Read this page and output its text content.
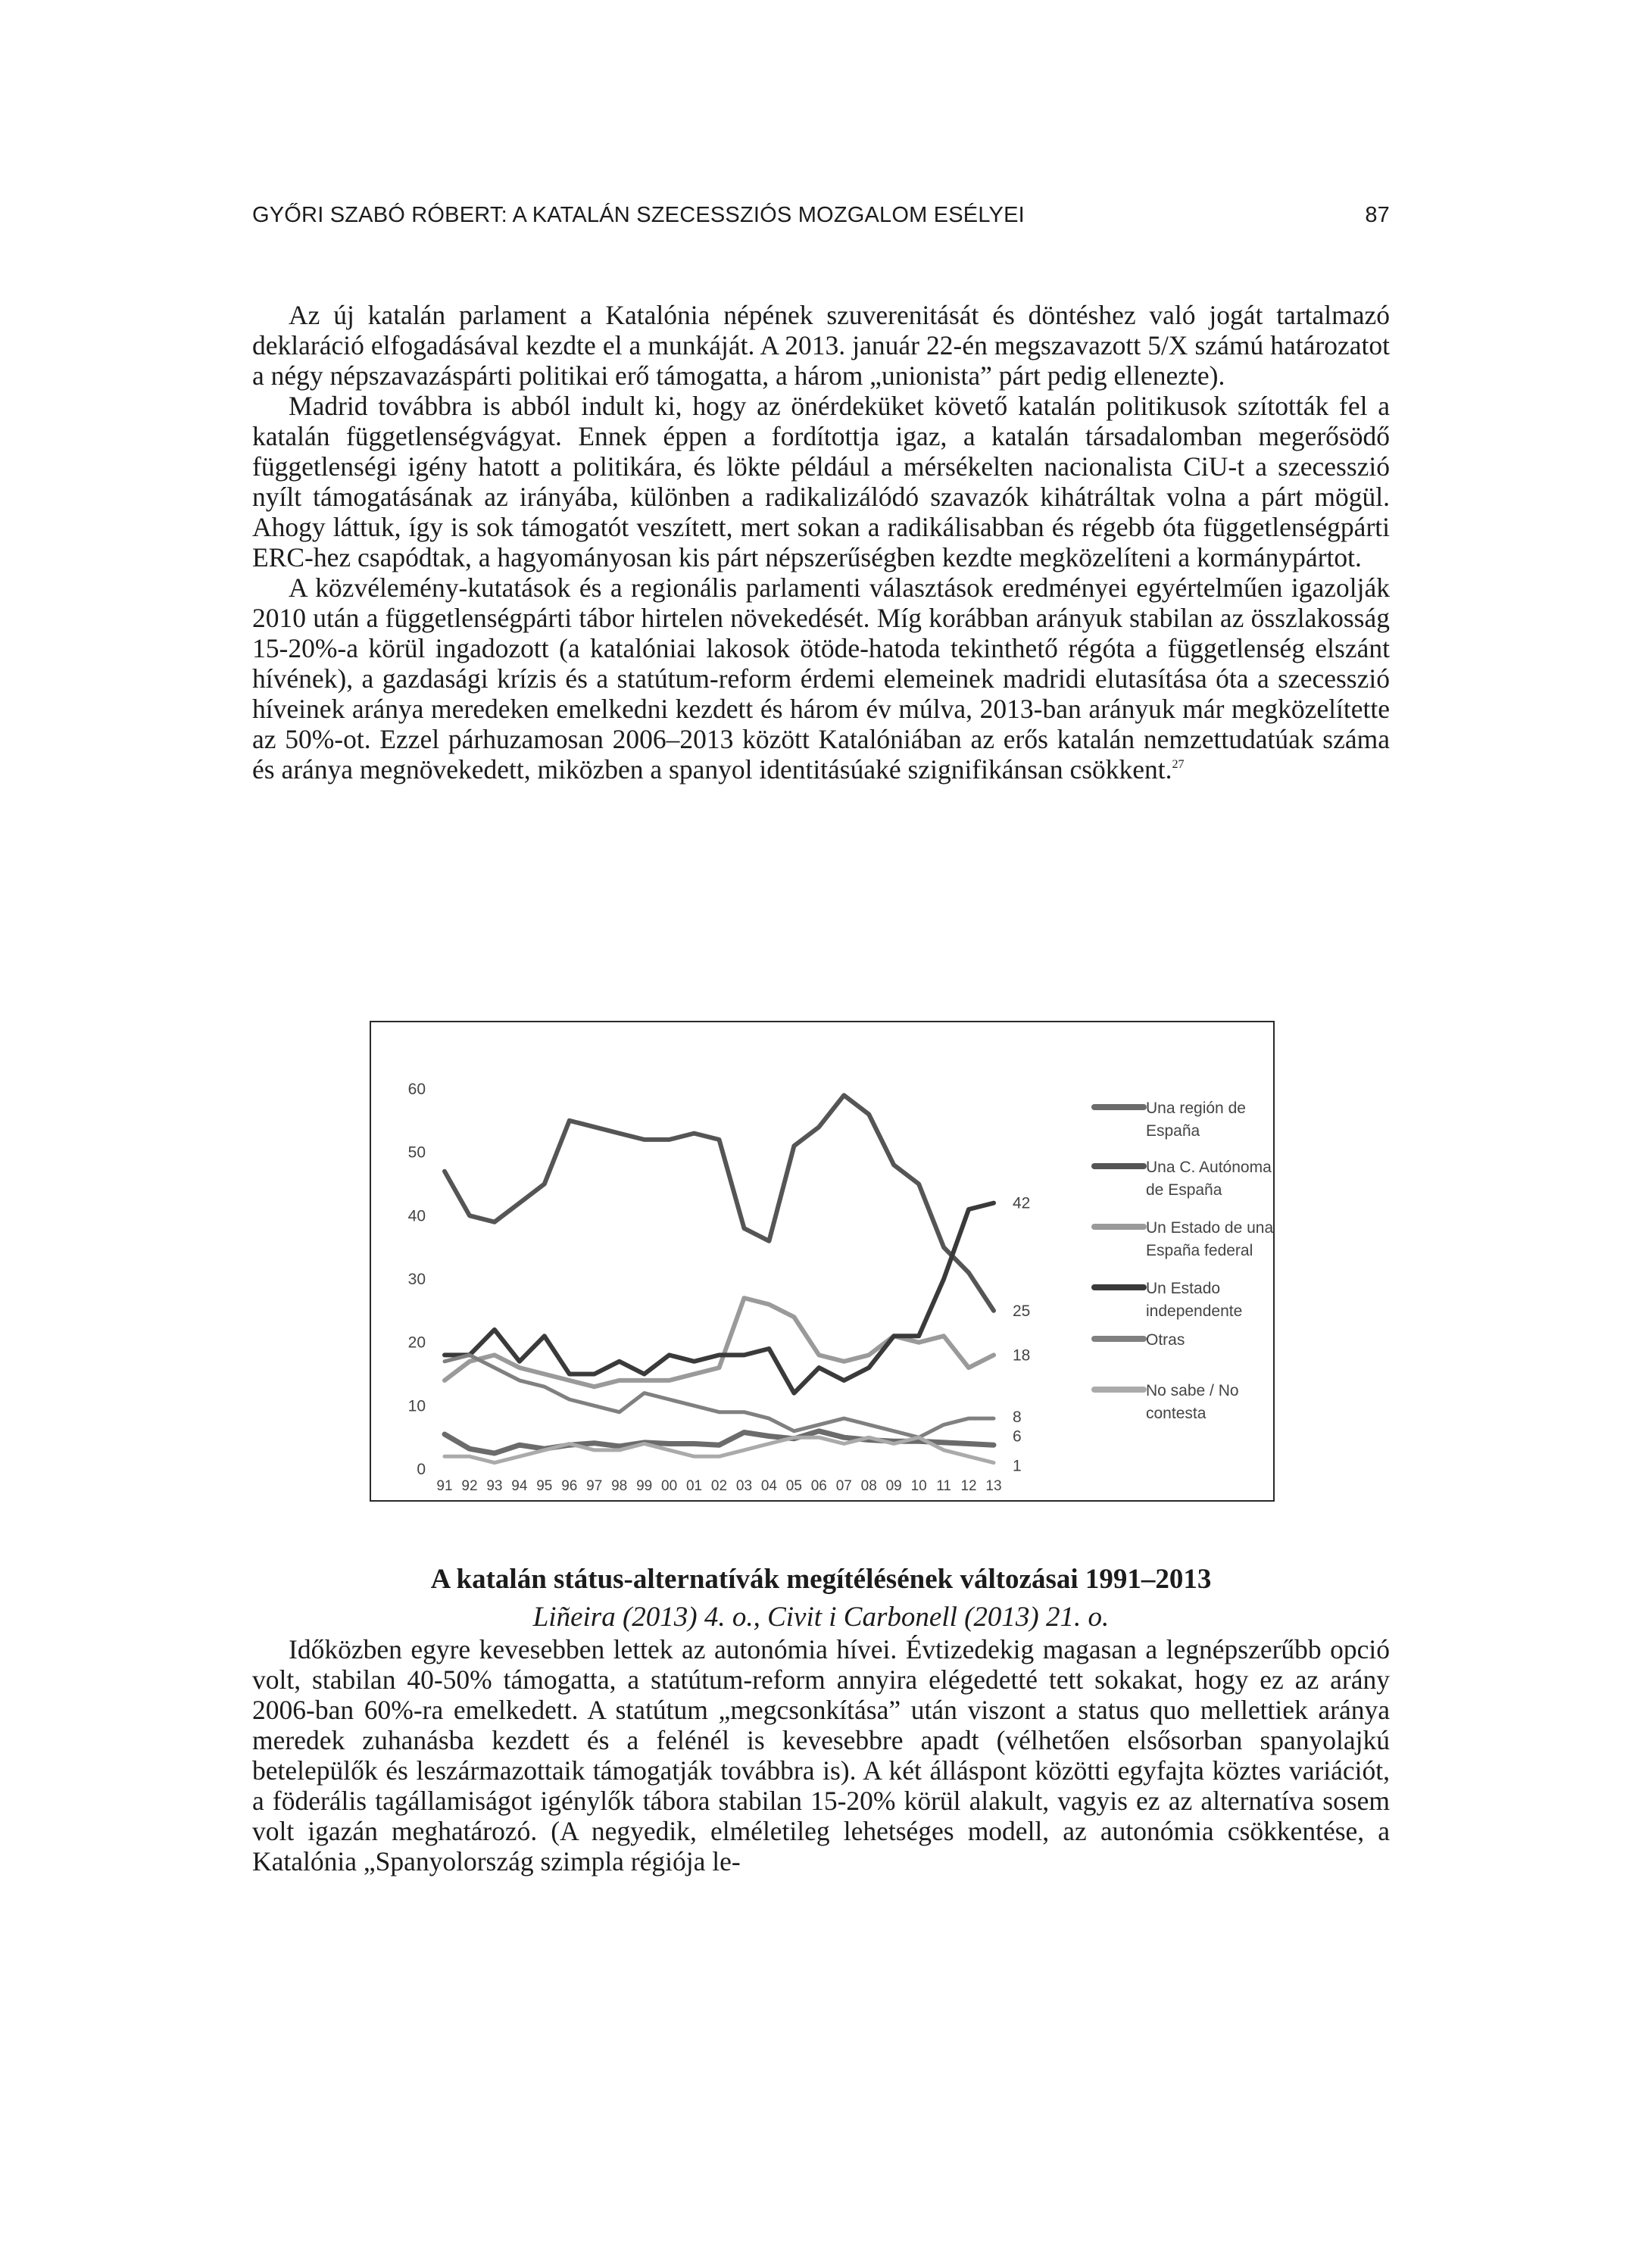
GYŐRI SZABÓ RÓBERT: A KATALÁN SZECESSZIÓS MOZGALOM ESÉLYEI	87

Az új katalán parlament a Katalónia népének szuverenitását és döntéshez való jogát tartalmazó deklaráció elfogadásával kezdte el a munkáját. A 2013. január 22-én megszavazott 5/X számú határozatot a négy népszavazáspárti politikai erő támogatta, a három „unionista” párt pedig ellenezte).

Madrid továbbra is abból indult ki, hogy az önérdeküket követő katalán politikusok szították fel a katalán függetlenségvágyat. Ennek éppen a fordítottja igaz, a katalán társadalomban megerősödő függetlenségi igény hatott a politikára, és lökte például a mérsékelten nacionalista CiU-t a szecesszió nyílt támogatásának az irányába, különben a radikalizálódó szavazók kihátráltak volna a párt mögül. Ahogy láttuk, így is sok támogatót veszített, mert sokan a radikálisabban és régebb óta függetlenségpárti ERC-hez csapódtak, a hagyományosan kis párt népszerűségben kezdte megközelíteni a kormánypártot.

A közvélemény-kutatások és a regionális parlamenti választások eredményei egyértelműen igazolják 2010 után a függetlenségpárti tábor hirtelen növekedését. Míg korábban arányuk stabilan az összlakosság 15-20%-a körül ingadozott (a katalóniai lakosok ötöde-hatoda tekinthető régóta a függetlenség elszánt hívének), a gazdasági krízis és a statútum-reform érdemi elemeinek madridi elutasítása óta a szecesszió híveinek aránya meredeken emelkedni kezdett és három év múlva, 2013-ban arányuk már megközelítette az 50%-ot. Ezzel párhuzamosan 2006–2013 között Katalóniában az erős katalán nemzettudatúak száma és aránya megnövekedett, miközben a spanyol identitásúaké szignifikánsan csökkent.$^{27}$

0
10
20
30
40
50
60
91 92 93 94 95 96 97 98 99 00 01 02 03 04 05 06 07 08 09 10 11 12 13
42
25
18
8
6
1
Una región de
España
Una C. Autónoma
de España
Un Estado de una
España federal
Un Estado
independente
Otras
No sabe / No
contesta
A katalán státus-alternatívák megítélésének változásai 1991–2013
Liñeira (2013) 4. o., Civit i Carbonell (2013) 21. o.

Időközben egyre kevesebben lettek az autonómia hívei. Évtizedekig magasan a legnépszerűbb opció volt, stabilan 40-50% támogatta, a statútum-reform annyira elégedetté tett sokakat, hogy ez az arány 2006-ban 60%-ra emelkedett. A statútum „megcsonkítása” után viszont a status quo mellettiek aránya meredek zuhanásba kezdett és a felénél is kevesebbre apadt (vélhetően elsősorban spanyolajkú betelepülők és leszármazottaik támogatják továbbra is). A két álláspont közötti egyfajta köztes variációt, a föderális tagállamiságot igénylők tábora stabilan 15-20% körül alakult, vagyis ez az alternatíva sosem volt igazán meghatározó. (A negyedik, elméletileg lehetséges modell, az autonómia csökkentése, a Katalónia „Spanyolország szimpla régiója le-
